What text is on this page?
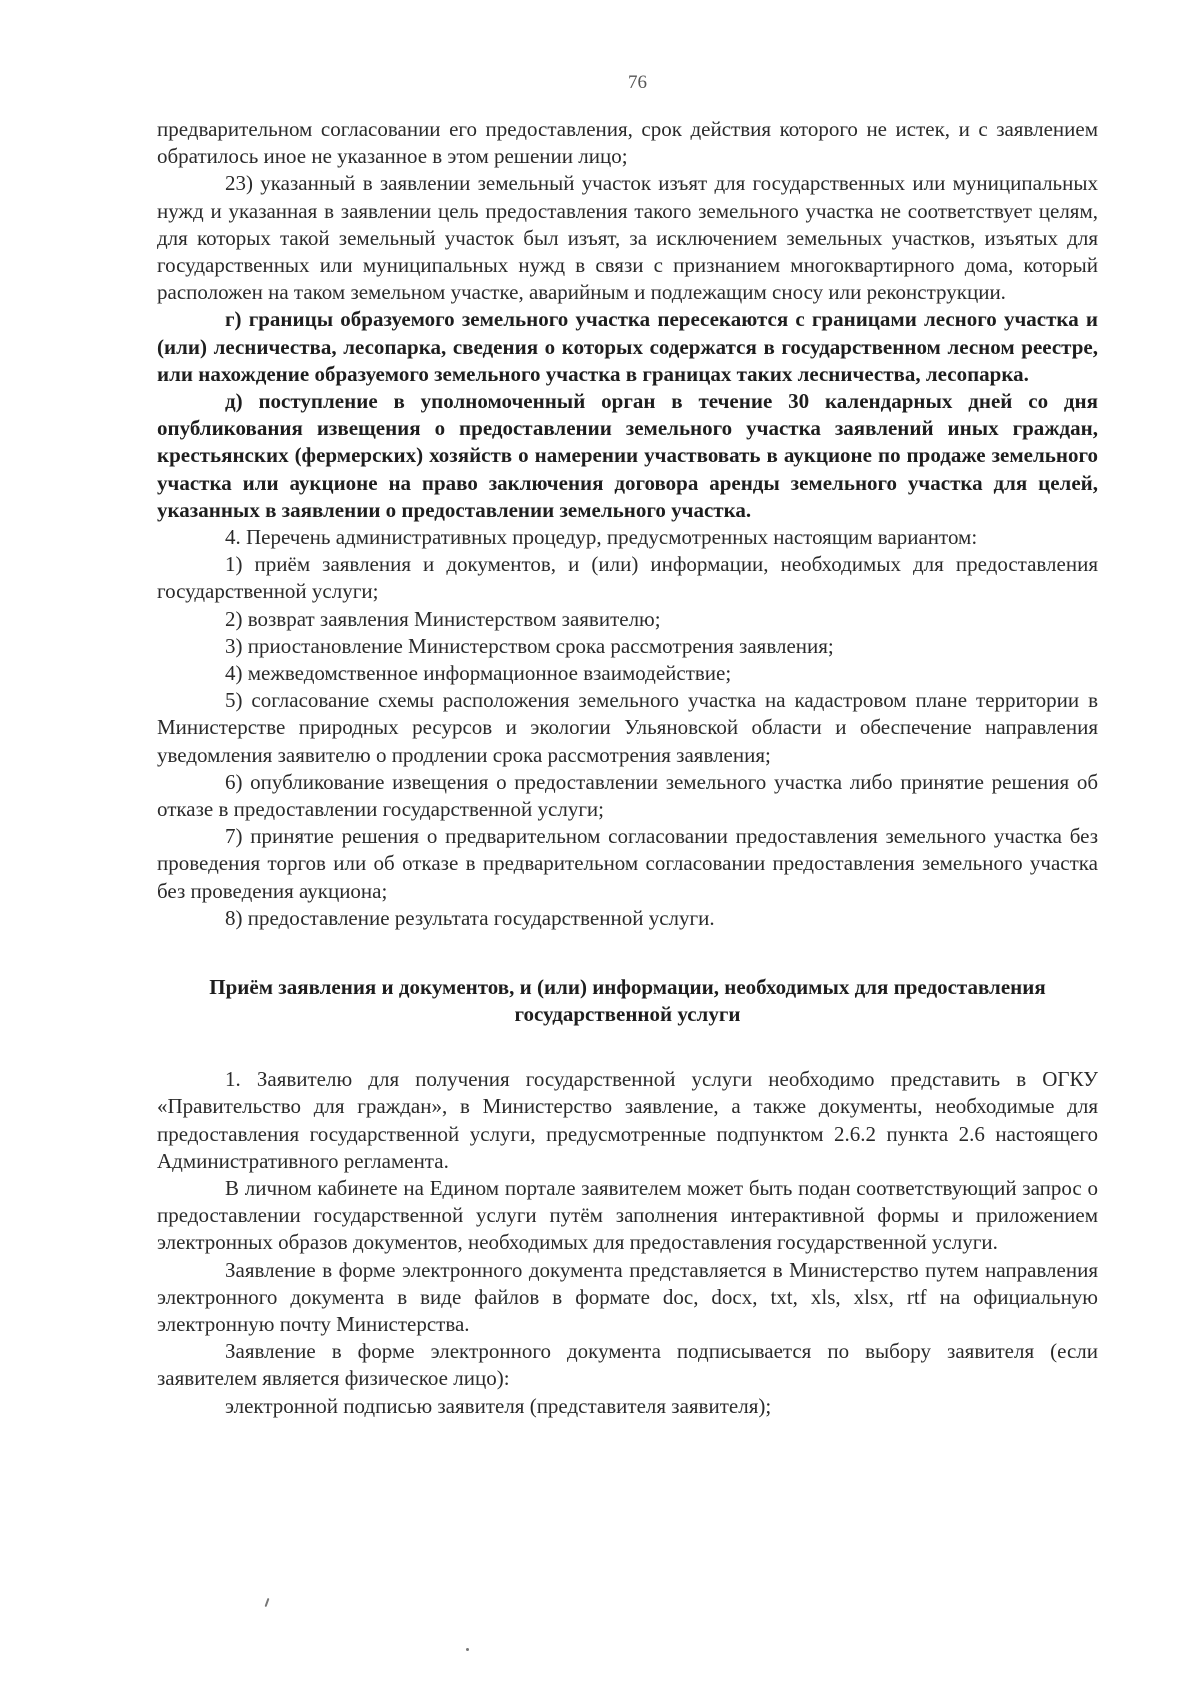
76

предварительном согласовании его предоставления, срок действия которого не истек, и с заявлением обратилось иное не указанное в этом решении лицо;

23) указанный в заявлении земельный участок изъят для государственных или муниципальных нужд и указанная в заявлении цель предоставления такого земельного участка не соответствует целям, для которых такой земельный участок был изъят, за исключением земельных участков, изъятых для государственных или муниципальных нужд в связи с признанием многоквартирного дома, который расположен на таком земельном участке, аварийным и подлежащим сносу или реконструкции.

г) границы образуемого земельного участка пересекаются с границами лесного участка и (или) лесничества, лесопарка, сведения о которых содержатся в государственном лесном реестре, или нахождение образуемого земельного участка в границах таких лесничества, лесопарка.

д) поступление в уполномоченный орган в течение 30 календарных дней со дня опубликования извещения о предоставлении земельного участка заявлений иных граждан, крестьянских (фермерских) хозяйств о намерении участвовать в аукционе по продаже земельного участка или аукционе на право заключения договора аренды земельного участка для целей, указанных в заявлении о предоставлении земельного участка.

4. Перечень административных процедур, предусмотренных настоящим вариантом:

1) приём заявления и документов, и (или) информации, необходимых для предоставления государственной услуги;

2) возврат заявления Министерством заявителю;

3) приостановление Министерством срока рассмотрения заявления;

4) межведомственное информационное взаимодействие;

5) согласование схемы расположения земельного участка на кадастровом плане территории в Министерстве природных ресурсов и экологии Ульяновской области и обеспечение направления уведомления заявителю о продлении срока рассмотрения заявления;

6) опубликование извещения о предоставлении земельного участка либо принятие решения об отказе в предоставлении государственной услуги;

7) принятие решения о предварительном согласовании предоставления земельного участка без проведения торгов или об отказе в предварительном согласовании предоставления земельного участка без проведения аукциона;

8) предоставление результата государственной услуги.

Приём заявления и документов, и (или) информации, необходимых для предоставления государственной услуги

1. Заявителю для получения государственной услуги необходимо представить в ОГКУ «Правительство для граждан», в Министерство заявление, а также документы, необходимые для предоставления государственной услуги, предусмотренные подпунктом 2.6.2 пункта 2.6 настоящего Административного регламента.

В личном кабинете на Едином портале заявителем может быть подан соответствующий запрос о предоставлении государственной услуги путём заполнения интерактивной формы и приложением электронных образов документов, необходимых для предоставления государственной услуги.

Заявление в форме электронного документа представляется в Министерство путем направления электронного документа в виде файлов в формате doc, docx, txt, xls, xlsx, rtf на официальную электронную почту Министерства.

Заявление в форме электронного документа подписывается по выбору заявителя (если заявителем является физическое лицо):

электронной подписью заявителя (представителя заявителя);
